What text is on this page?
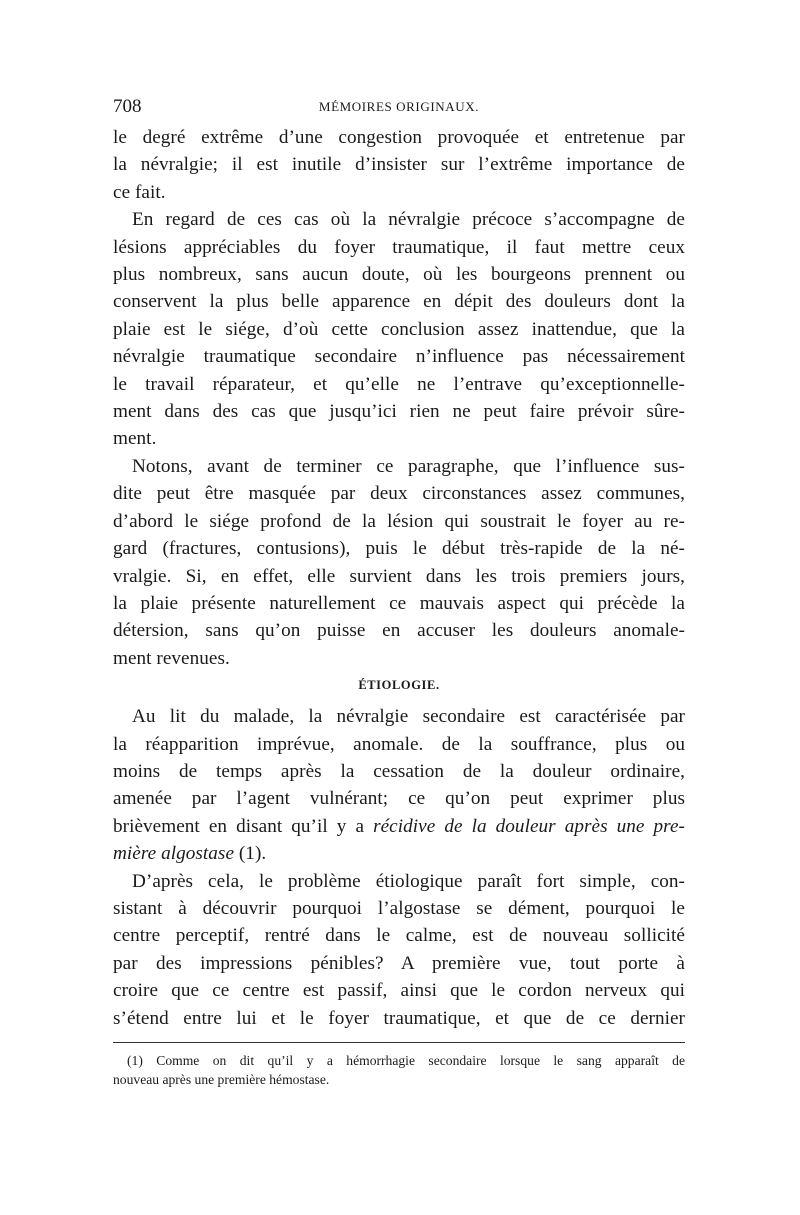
708	MÉMOIRES ORIGINAUX.

le degré extrême d’une congestion provoquée et entretenue par
la névralgie; il est inutile d’insister sur l’extrême importance de
ce fait.

En regard de ces cas où la névralgie précoce s’accompagne de
lésions appréciables du foyer traumatique, il faut mettre ceux
plus nombreux, sans aucun doute, où les bourgeons prennent ou
conservent la plus belle apparence en dépit des douleurs dont la
plaie est le siége, d’où cette conclusion assez inattendue, que la
névralgie traumatique secondaire n’influence pas nécessairement
le travail réparateur, et qu’elle ne l’entrave qu’exceptionnelle-
ment dans des cas que jusqu’ici rien ne peut faire prévoir sûre-
ment.

Notons, avant de terminer ce paragraphe, que l’influence sus-
dite peut être masquée par deux circonstances assez communes,
d’abord le siége profond de la lésion qui soustrait le foyer au re-
gard (fractures, contusions), puis le début très-rapide de la né-
vralgie. Si, en effet, elle survient dans les trois premiers jours,
la plaie présente naturellement ce mauvais aspect qui précède la
détersion, sans qu’on puisse en accuser les douleurs anomale-
ment revenues.

ÉTIOLOGIE.

Au lit du malade, la névralgie secondaire est caractérisée par
la réapparition imprévue, anomale. de la souffrance, plus ou
moins de temps après la cessation de la douleur ordinaire,
amenée par l’agent vulnérant; ce qu’on peut exprimer plus
brièvement en disant qu’il y a récidive de la douleur après une pre-
mière algostase (1).

D’après cela, le problème étiologique paraît fort simple, con-
sistant à découvrir pourquoi l’algostase se dément, pourquoi le
centre perceptif, rentré dans le calme, est de nouveau sollicité
par des impressions pénibles? A première vue, tout porte à
croire que ce centre est passif, ainsi que le cordon nerveux qui
s’étend entre lui et le foyer traumatique, et que de ce dernier

(1) Comme on dit qu’il y a hémorrhagie secondaire lorsque le sang apparaît de
nouveau après une première hémostase.
